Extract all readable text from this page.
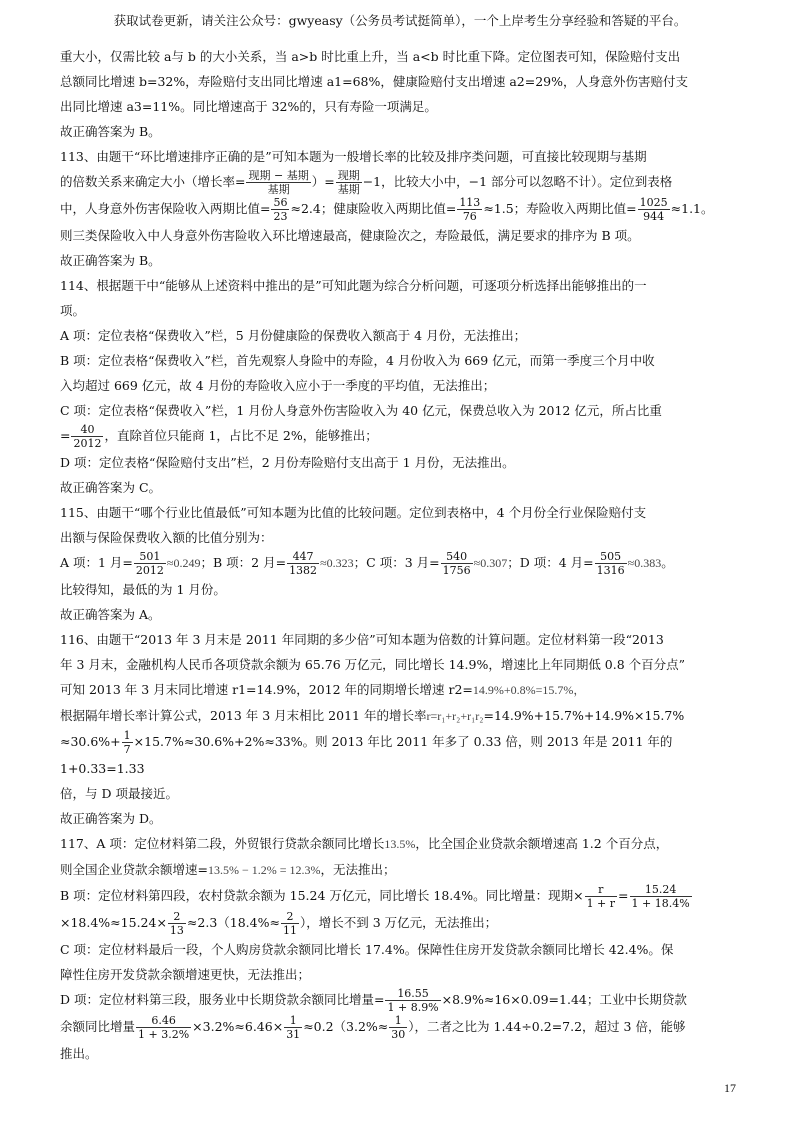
获取试卷更新，请关注公众号：gwyeasy（公务员考试挺简单），一个上岸考生分享经验和答疑的平台。

重大小，仅需比较 a与 b 的大小关系，当 a>b 时比重上升，当 a<b 时比重下降。定位图表可知，保险赔付支出

总额同比增速 b=32%，寿险赔付支出同比增速 a1=68%，健康险赔付支出增速 a2=29%，人身意外伤害赔付支

出同比增速 a3=11%。同比增速高于 32%的，只有寿险一项满足。

故正确答案为 B。

113、由题干“环比增速排序正确的是”可知本题为一般增长率的比较及排序类问题，可直接比较现期与基期

的倍数关系来确定大小（增长率= 现期 − 基期
基期
）= 现期
基期
−1，比较大小中，−1 部分可以忽略不计）。定位到表格

中，人身意外伤害保险收入两期比值= $\frac{56}{23} \approx 2.4$；健康险收入两期比值= $\frac{113}{76} \approx 1.5$；寿险收入两期比值= $\frac{1025}{944} \approx 1.1$。

则三类保险收入中人身意外伤害险收入环比增速最高，健康险次之，寿险最低，满足要求的排序为 B 项。

故正确答案为 B。

114、根据题干中“能够从上述资料中推出的是”可知此题为综合分析问题，可逐项分析选择出能够推出的一

项。

A 项：定位表格“保费收入”栏，5 月份健康险的保费收入额高于 4 月份，无法推出；

B 项：定位表格“保费收入”栏，首先观察人身险中的寿险，4 月份收入为 669 亿元，而第一季度三个月中收

入均超过 669 亿元，故 4 月份的寿险收入应小于一季度的平均值，无法推出；

C 项：定位表格“保费收入”栏，1 月份人身意外伤害险收入为 40 亿元，保费总收入为 2012 亿元，所占比重

= $\frac{40}{2012}$ ，直除首位只能商 1，占比不足 2%，能够推出；

D 项：定位表格“保险赔付支出”栏，2 月份寿险赔付支出高于 1 月份，无法推出。

故正确答案为 C。

115、由题干“哪个行业比值最低”可知本题为比值的比较问题。定位到表格中，4 个月份全行业保险赔付支

出额与保险保费收入额的比值分别为：

A 项：1 月= $\frac{501}{2012} \approx 0.249$；B 项：2 月= $\frac{447}{1382} \approx 0.323$；C 项：3 月= $\frac{540}{1756} \approx 0.307$；D 项：4 月= $\frac{505}{1316} \approx 0.383$。

比较得知，最低的为 1 月份。

故正确答案为 A。

116、由题干“2013 年 3 月末是 2011 年同期的多少倍”可知本题为倍数的计算问题。定位材料第一段“2013

年 3 月末，金融机构人民币各项贷款余额为 65.76 万亿元，同比增长 14.9%，增速比上年同期低 0.8 个百分点”

可知 2013 年 3 月末同比增速 r1=14.9%，2012 年的同期增长增速 r2=14.9%+0.8%=15.7%，

根据隔年增长率计算公式，2013 年 3 月末相比 2011 年的增长率r=r₁+r₂+r₁r₂=14.9%+15.7%+14.9%×15.7%

$\approx 30.6\%+ \frac{1}{7} \times 15.7\%\approx 30.6\%+2\%\approx 33\%$。则 2013 年比 2011 年多了 0.33 倍，则 2013 年是 2011 年的 1+0.33=1.33

倍，与 D 项最接近。

故正确答案为 D。

117、A 项：定位材料第二段，外贸银行贷款余额同比增长13.5%，比全国企业贷款余额增速高 1.2 个百分点，

则全国企业贷款余额增速=13.5% − 1.2% = 12.3%，无法推出；

B 项：定位材料第四段，农村贷款余额为 15.24 万亿元，同比增长 18.4%。同比增量：现期× $\frac{r}{1 + r} = \frac{15.24}{1 + 18.4\%}$

$\times 18.4\%\approx 15.24\times \frac{2}{13} \approx 2.3(18.4\%\approx \frac{2}{11}$ ），增长不到 3 万亿元，无法推出；

C 项：定位材料最后一段，个人购房贷款余额同比增长 17.4%。保障性住房开发贷款余额同比增长 42.4%。保

障性住房开发贷款余额增速更快，无法推出；

D 项：定位材料第三段，服务业中长期贷款余额同比增量= $\frac{16.55}{1 + 8.9\%} \times 8.9\%\approx 16\times 0.09=1.44$；工业中长期贷款

余额同比增量 $\frac{6.46}{1 + 3.2\%} \times 3.2\%\approx 6.46\times \frac{1}{31} \approx 0.2(3.2\%\approx \frac{1}{30}$ ），二者之比为 1.44÷0.2=7.2，超过 3 倍，能够

推出。

17
